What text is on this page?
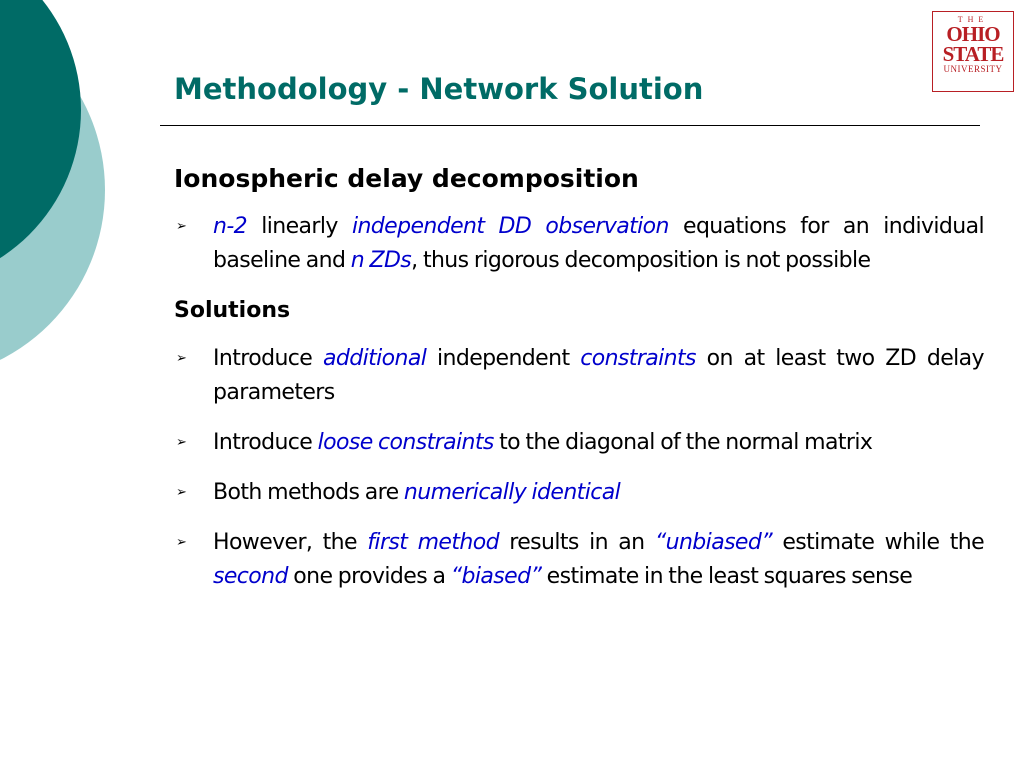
Methodology - Network Solution
THE
OHIO
STATE
UNIVERSITY
Ionospheric delay decomposition
➢ n-2 linearly independent DD observation equations for an individual baseline and n ZDs, thus rigorous decomposition is not possible
Solutions
➢ Introduce additional independent constraints on at least two ZD delay parameters
➢ Introduce loose constraints to the diagonal of the normal matrix
➢ Both methods are numerically identical
➢ However, the first method results in an “unbiased” estimate while the second one provides a “biased” estimate in the least squares sense
